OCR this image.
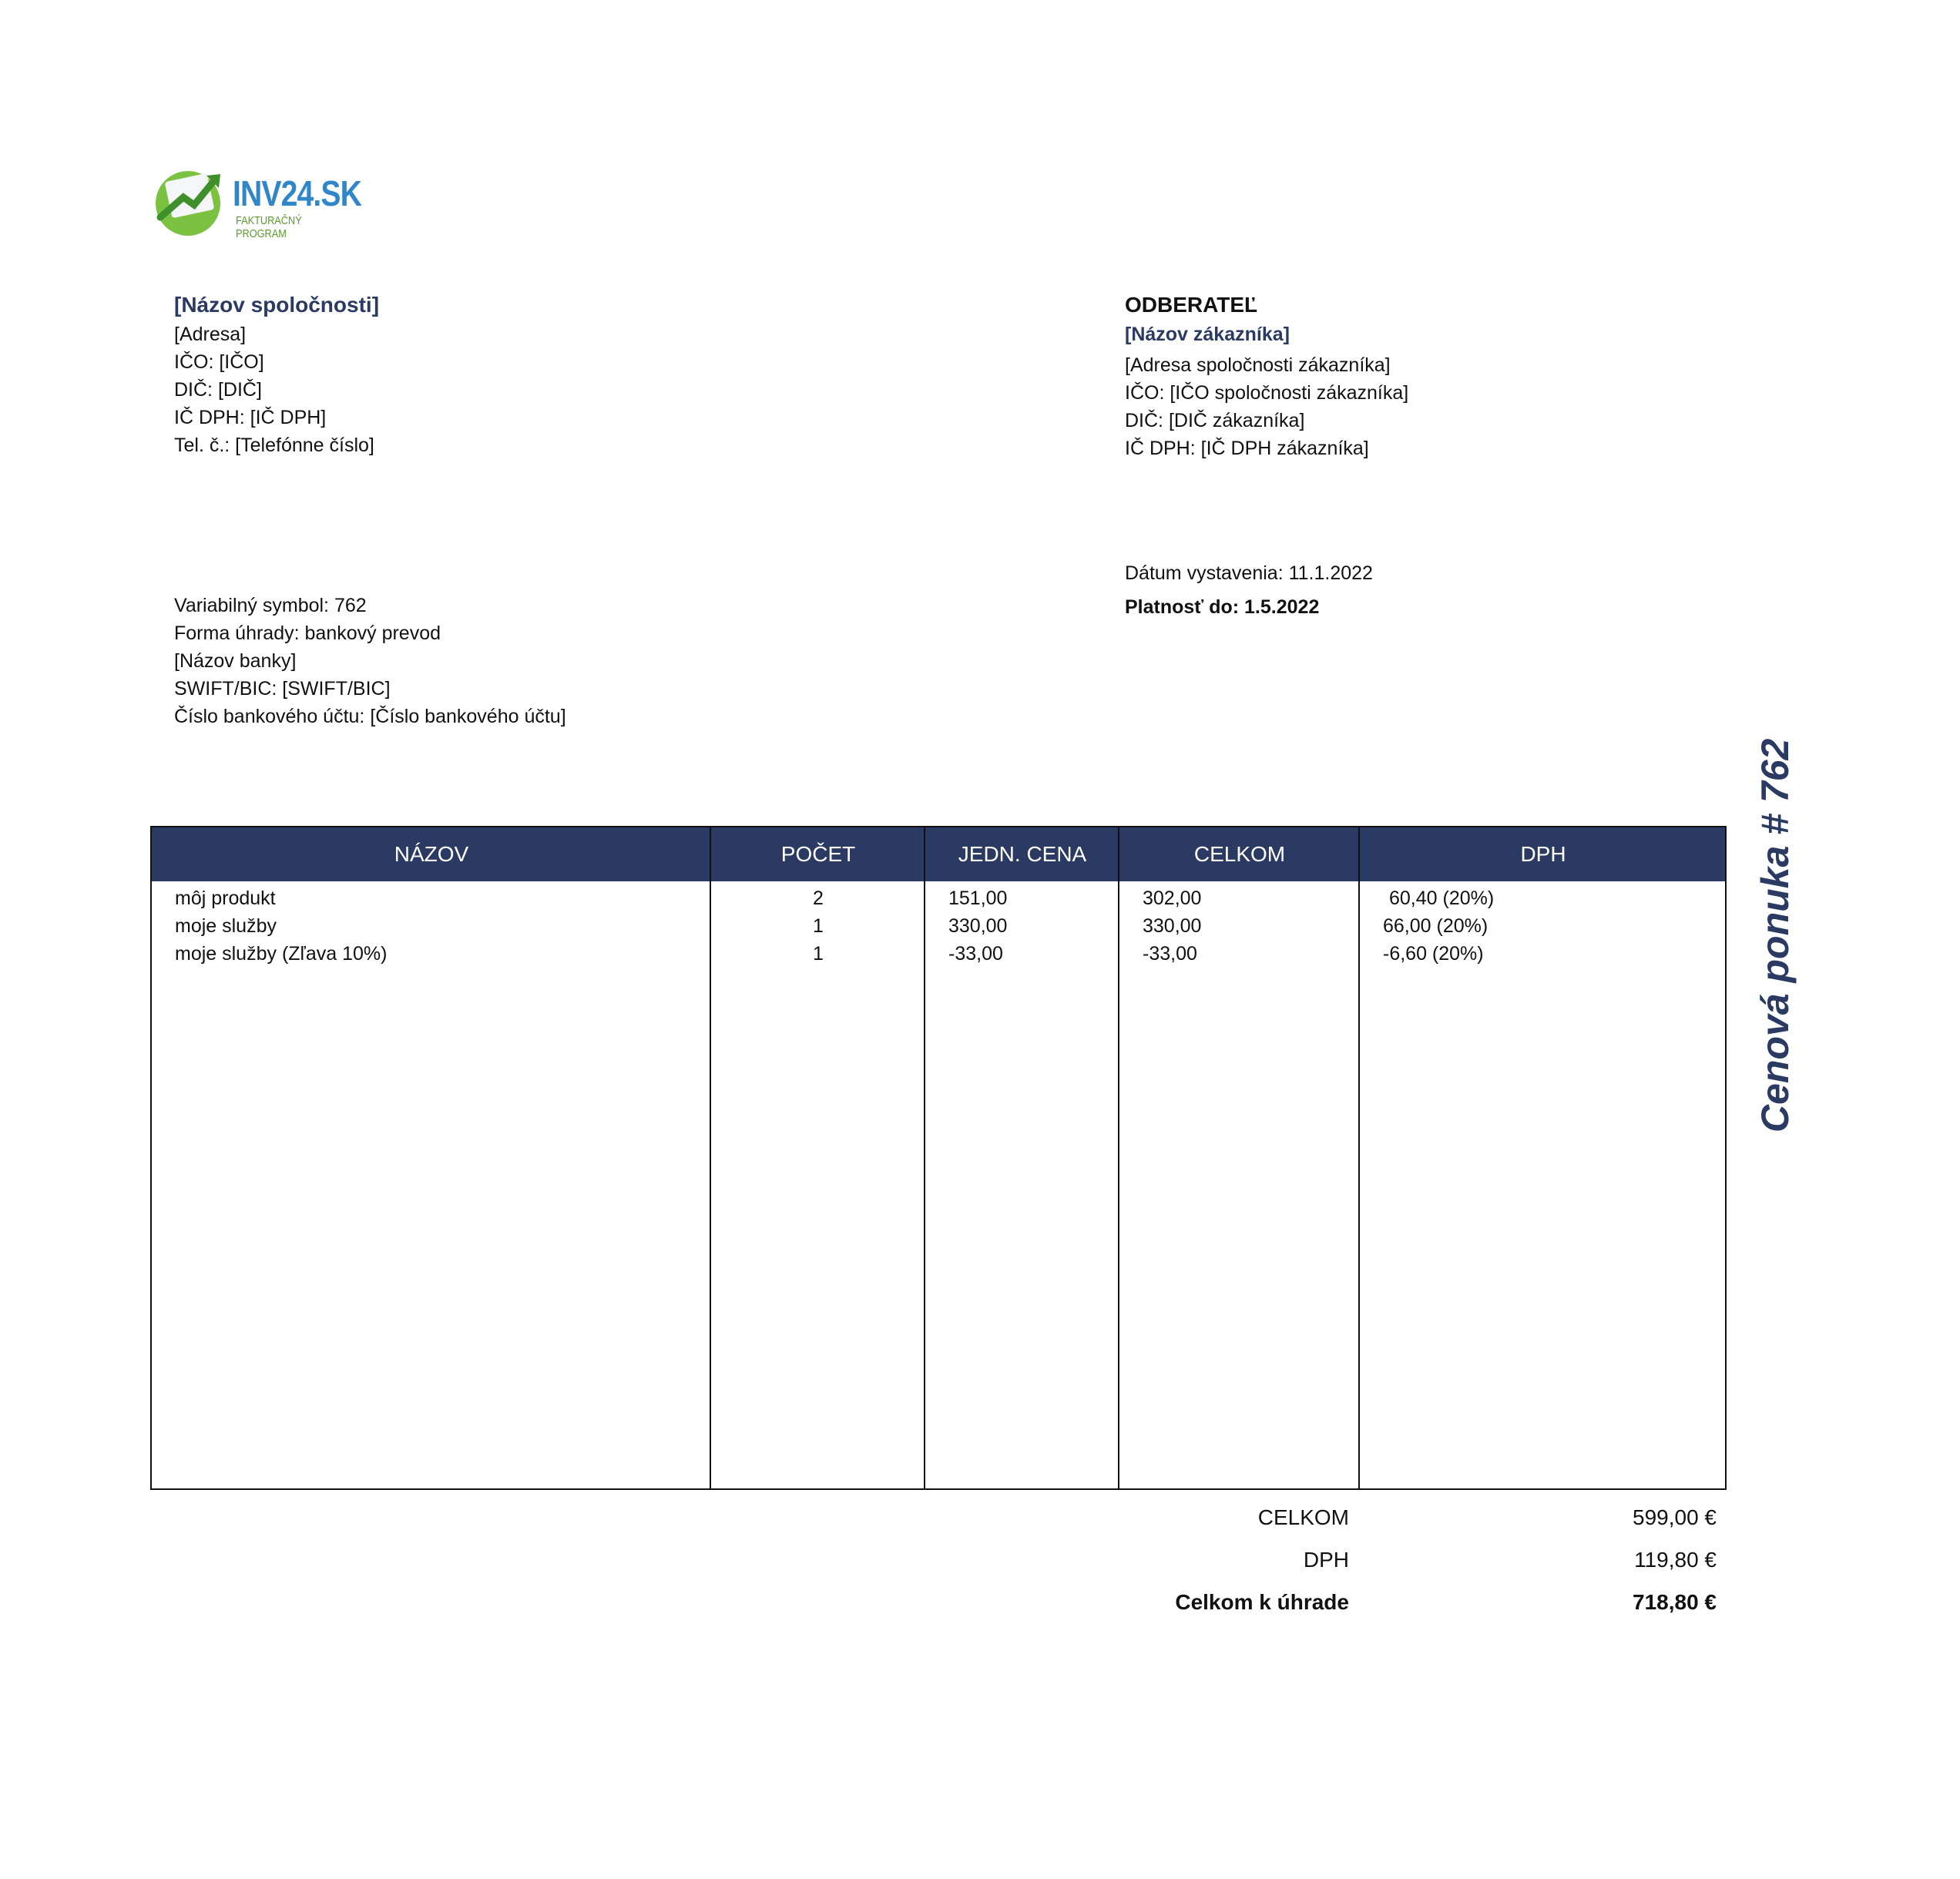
INV24.SK
FAKTURAČNÝ PROGRAM
[Názov spoločnosti]
[Adresa]
IČO: [IČO]
DIČ: [DIČ]
IČ DPH: [IČ DPH]
Tel. č.: [Telefónne číslo]
ODBERATEĽ
[Názov zákazníka]
[Adresa spoločnosti zákazníka]
IČO: [IČO spoločnosti zákazníka]
DIČ: [DIČ zákazníka]
IČ DPH: [IČ DPH zákazníka]
Dátum vystavenia: 11.1.2022
Platnosť do: 1.5.2022
Variabilný symbol: 762
Forma úhrady: bankový prevod
[Názov banky]
SWIFT/BIC: [SWIFT/BIC]
Číslo bankového účtu: [Číslo bankového účtu]
NÁZOV	POČET	JEDN. CENA	CELKOM	DPH
môj produkt	2	151,00	302,00	60,40 (20%)
moje služby	1	330,00	330,00	66,00 (20%)
moje služby (Zľava 10%)	1	-33,00	-33,00	-6,60 (20%)
CELKOM	599,00 €
DPH	119,80 €
Celkom k úhrade	718,80 €
Cenová ponuka # 762
